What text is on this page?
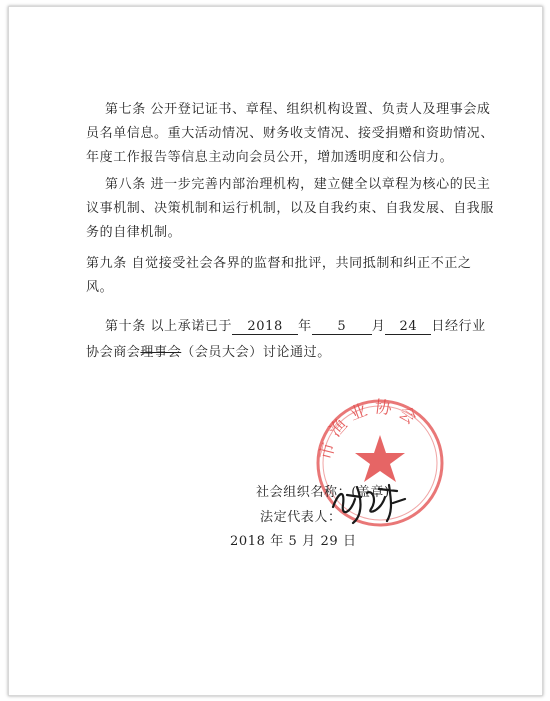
第七条 公开登记证书、章程、组织机构设置、负责人及理事会成
员名单信息。重大活动情况、财务收支情况、接受捐赠和资助情况、
年度工作报告等信息主动向会员公开，增加透明度和公信力。
第八条 进一步完善内部治理机构，建立健全以章程为核心的民主
议事机制、决策机制和运行机制，以及自我约束、自我发展、自我服
务的自律机制。
第九条 自觉接受社会各界的监督和批评，共同抵制和纠正不正之
风。
第十条 以上承诺已于 2018 年 5 月 24 日经行业
协会商会理事会（会员大会）讨论通过。
市渔业协会
社会组织名称：(盖章)
法定代表人：
2018 年 5 月 29 日
